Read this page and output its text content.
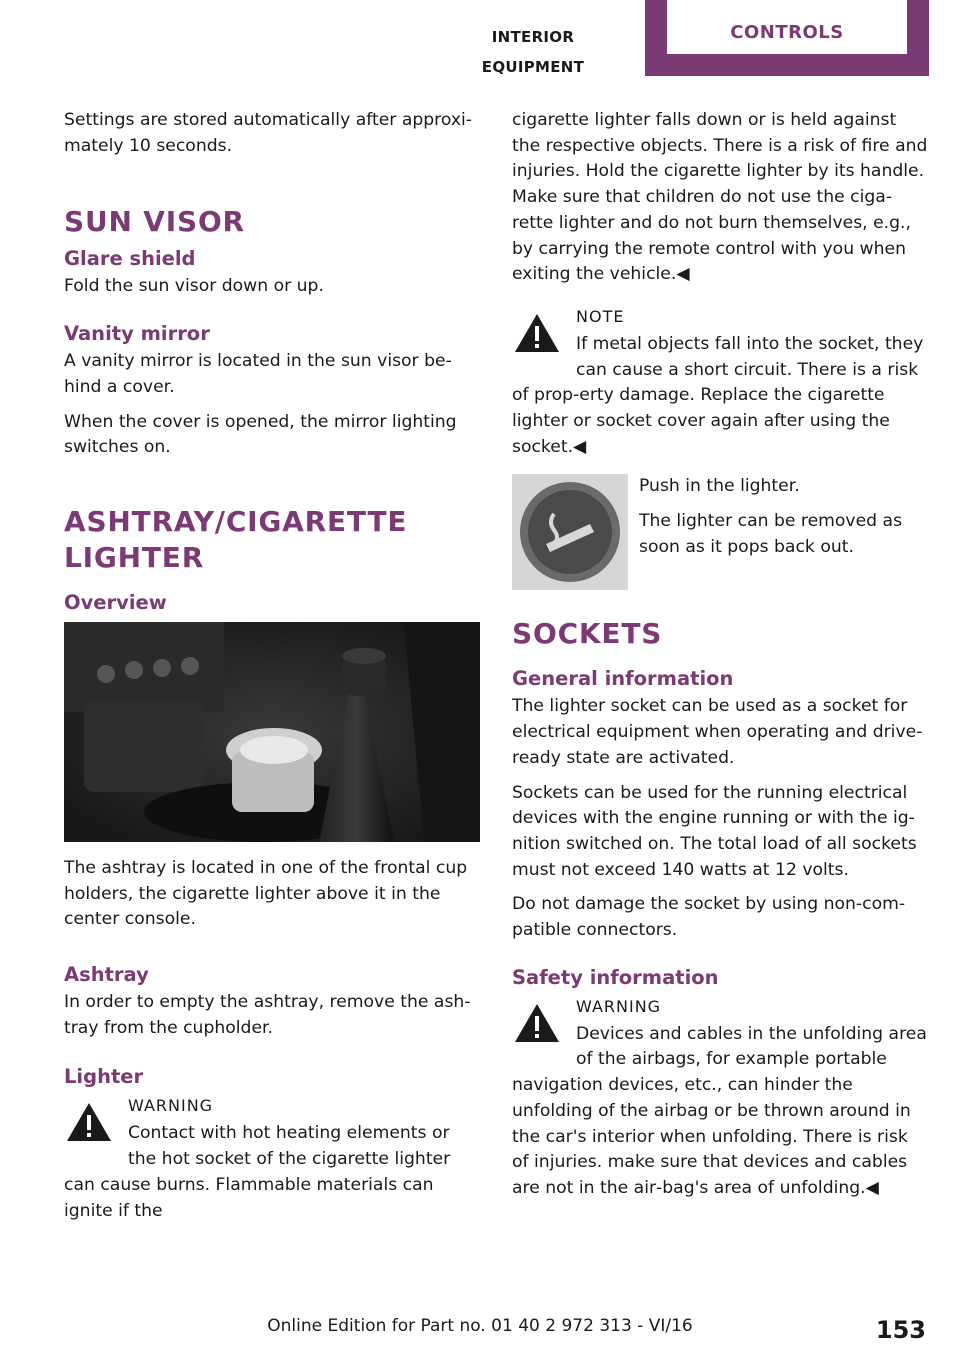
INTERIOR EQUIPMENT
CONTROLS

Settings are stored automatically after approxi‐mately 10 seconds.

SUN VISOR
Glare shield

Fold the sun visor down or up.

Vanity mirror

A vanity mirror is located in the sun visor be‐hind a cover.

When the cover is opened, the mirror lighting switches on.

ASHTRAY/CIGARETTE LIGHTER
Overview

The ashtray is located in one of the frontal cup holders, the cigarette lighter above it in the center console.

Ashtray

In order to empty the ashtray, remove the ash‐tray from the cupholder.

Lighter
WARNING

Contact with hot heating elements or the hot socket of the cigarette lighter can cause burns. Flammable materials can ignite if the

cigarette lighter falls down or is held against the respective objects. There is a risk of fire and injuries. Hold the cigarette lighter by its handle. Make sure that children do not use the ciga‐rette lighter and do not burn themselves, e.g., by carrying the remote control with you when exiting the vehicle.◀

NOTE

If metal objects fall into the socket, they can cause a short circuit. There is a risk of prop‐erty damage. Replace the cigarette lighter or socket cover again after using the socket.◀

Push in the lighter.

The lighter can be removed as soon as it pops back out.

SOCKETS
General information

The lighter socket can be used as a socket for electrical equipment when operating and drive-ready state are activated.

Sockets can be used for the running electrical devices with the engine running or with the ig‐nition switched on. The total load of all sockets must not exceed 140 watts at 12 volts.

Do not damage the socket by using non-com‐patible connectors.

Safety information
WARNING

Devices and cables in the unfolding area of the airbags, for example portable navigation devices, etc., can hinder the unfolding of the airbag or be thrown around in the car's interior when unfolding. There is risk of injuries. make sure that devices and cables are not in the air‐bag's area of unfolding.◀

Online Edition for Part no. 01 40 2 972 313 - VI/16	153
